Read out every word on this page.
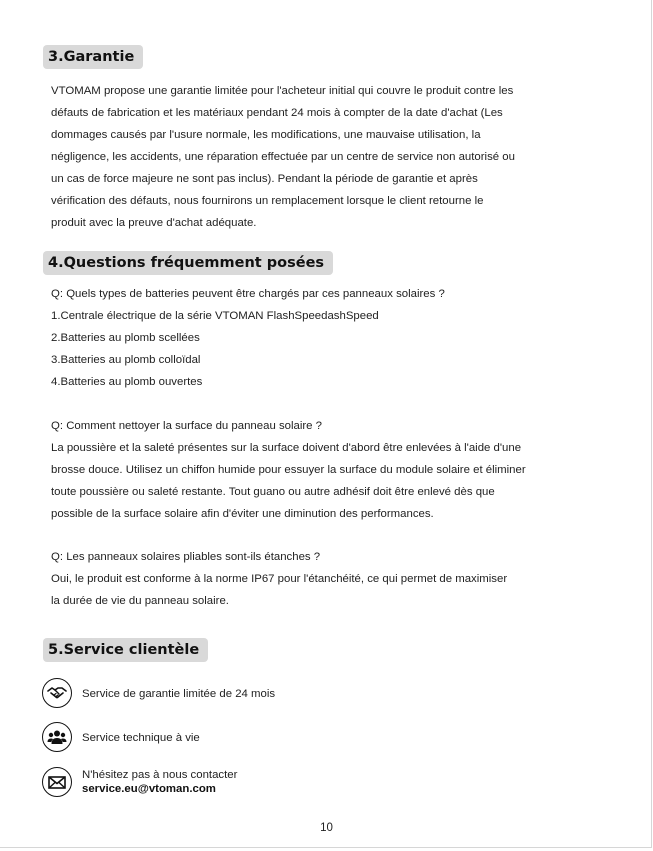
3.Garantie
VTOMAM propose une garantie limitée pour l'acheteur initial qui couvre le produit contre les
défauts de fabrication et les matériaux pendant 24 mois à compter de la date d'achat (Les
dommages causés par l'usure normale, les modifications, une mauvaise utilisation, la
négligence, les accidents, une réparation effectuée par un centre de service non autorisé ou
un cas de force majeure ne sont pas inclus). Pendant la période de garantie et après
vérification des défauts, nous fournirons un remplacement lorsque le client retourne le
produit avec la preuve d'achat adéquate.
4.Questions fréquemment posées
Q: Quels types de batteries peuvent être chargés par ces panneaux solaires ?
1.Centrale électrique de la série VTOMAN FlashSpeedashSpeed
2.Batteries au plomb scellées
3.Batteries au plomb colloïdal
4.Batteries au plomb ouvertes
Q: Comment nettoyer la surface du panneau solaire ?
La poussière et la saleté présentes sur la surface doivent d'abord être enlevées à l'aide d'une
brosse douce. Utilisez un chiffon humide pour essuyer la surface du module solaire et éliminer
toute poussière ou saleté restante. Tout guano ou autre adhésif doit être enlevé dès que
possible de la surface solaire afin d'éviter une diminution des performances.
Q: Les panneaux solaires pliables sont-ils étanches ?
Oui, le produit est conforme à la norme IP67 pour l'étanchéité, ce qui permet de maximiser
la durée de vie du panneau solaire.
5.Service clientèle
Service de garantie limitée de 24 mois
Service technique à vie
N'hésitez pas à nous contacter
service.eu@vtoman.com
10
